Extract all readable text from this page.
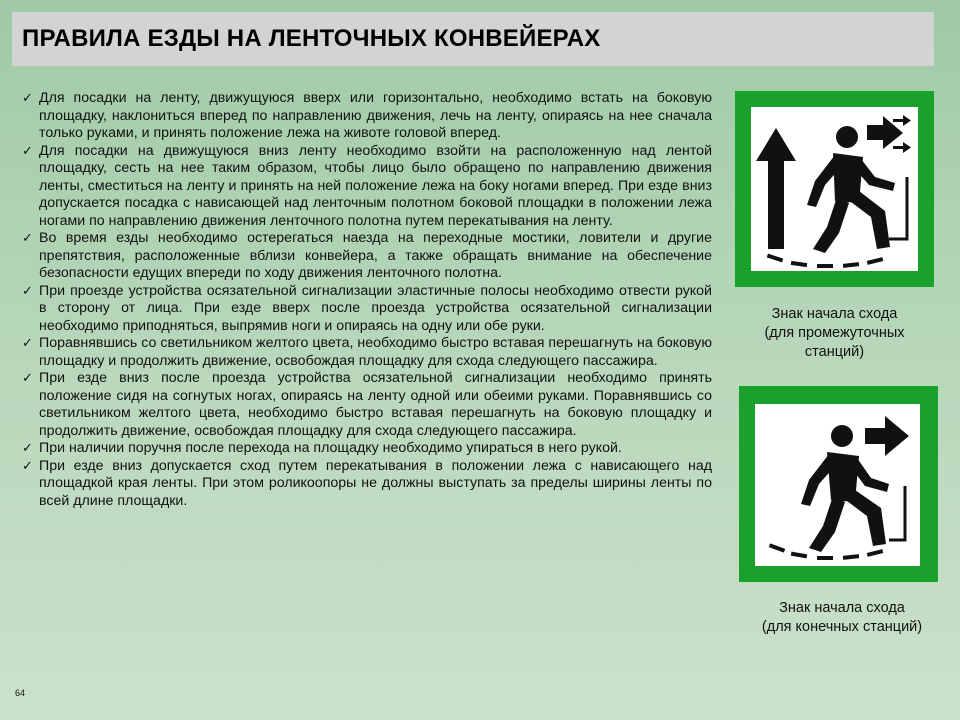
ПРАВИЛА ЕЗДЫ НА ЛЕНТОЧНЫХ КОНВЕЙЕРАХ
✓ Для посадки на ленту, движущуюся вверх или горизонтально, необходимо встать на боковую площадку, наклониться вперед по направлению движения, лечь на ленту, опираясь на нее сначала только руками, и принять положение лежа на животе головой вперед.
✓ Для посадки на движущуюся вниз ленту необходимо взойти на расположенную над лентой площадку, сесть на нее таким образом, чтобы лицо было обращено по направлению движения ленты, сместиться на ленту и принять на ней положение лежа на боку ногами вперед. При езде вниз допускается посадка с нависающей над ленточным полотном боковой площадки в положении лежа ногами по направлению движения ленточного полотна путем перекатывания на ленту.
✓ Во время езды необходимо остерегаться наезда на переходные мостики, ловители и другие препятствия, расположенные вблизи конвейера, а также обращать внимание на обеспечение безопасности едущих впереди по ходу движения ленточного полотна.
✓ При проезде устройства осязательной сигнализации эластичные полосы необходимо отвести рукой в сторону от лица. При езде вверх после проезда устройства осязательной сигнализации необходимо приподняться, выпрямив ноги и опираясь на одну или обе руки.
✓ Поравнявшись со светильником желтого цвета, необходимо быстро вставая перешагнуть на боковую площадку и продолжить движение, освобождая площадку для схода следующего пассажира.
✓ При езде вниз после проезда устройства осязательной сигнализации необходимо принять положение сидя на согнутых ногах, опираясь на ленту одной или обеими руками. Поравнявшись со светильником желтого цвета, необходимо быстро вставая перешагнуть на боковую площадку и продолжить движение, освобождая площадку для схода следующего пассажира.
✓ При наличии поручня после перехода на площадку необходимо упираться в него рукой.
✓ При езде вниз допускается сход путем перекатывания в положении лежа с нависающего над площадкой края ленты. При этом роликоопоры не должны выступать за пределы ширины ленты по всей длине площадки.
Знак начала схода
(для промежуточных
станций)
Знак начала схода
(для конечных станций)
64
